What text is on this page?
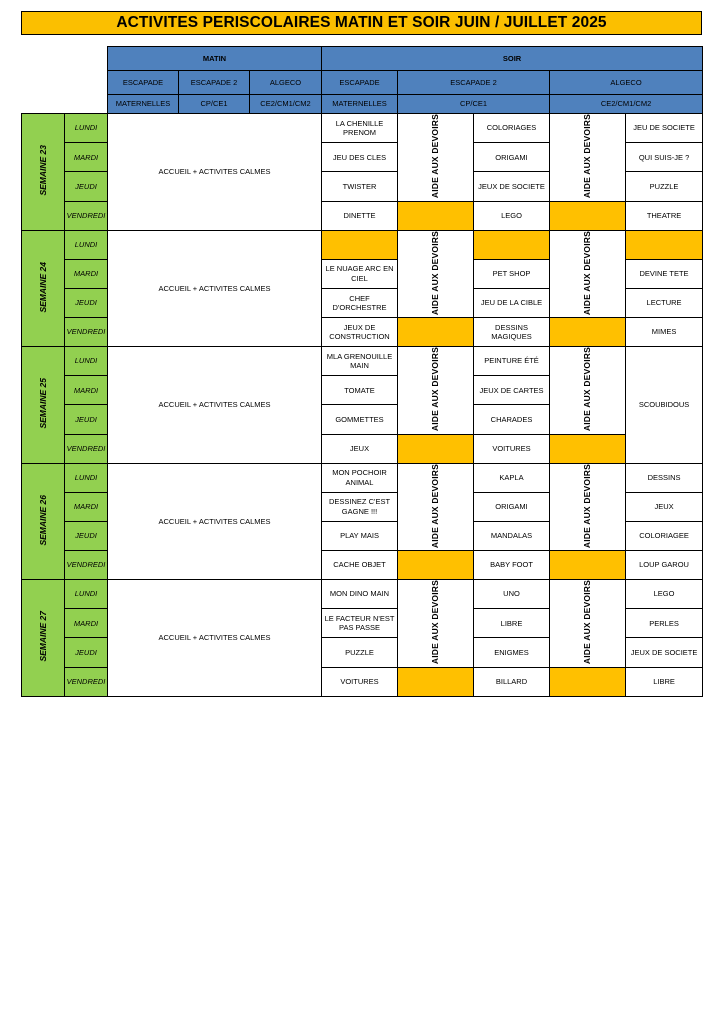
ACTIVITES PERISCOLAIRES MATIN ET SOIR JUIN / JUILLET 2025
		MATIN			SOIR				
		ESCAPADE	ESCAPADE 2	ALGECO	ESCAPADE	ESCAPADE 2		ALGECO	
		MATERNELLES	CP/CE1	CE2/CM1/CM2	MATERNELLES	CP/CE1		CE2/CM1/CM2	
SEMAINE 23	LUNDI	ACCUEIL + ACTIVITES CALMES			LA CHENILLE PRENOM	AIDE AUX DEVOIRS	COLORIAGES	AIDE AUX DEVOIRS	JEU DE SOCIETE
	MARDI				JEU DES CLES		ORIGAMI		QUI SUIS-JE ?
	JEUDI				TWISTER		JEUX DE SOCIETE		PUZZLE
	VENDREDI				DINETTE		LEGO		THEATRE
SEMAINE 24	LUNDI	ACCUEIL + ACTIVITES CALMES				AIDE AUX DEVOIRS		AIDE AUX DEVOIRS	
	MARDI				LE NUAGE ARC EN CIEL		PET SHOP		DEVINE TETE
	JEUDI				CHEF D'ORCHESTRE		JEU DE LA CIBLE		LECTURE
	VENDREDI				JEUX DE CONSTRUCTION		DESSINS MAGIQUES		MIMES
SEMAINE 25	LUNDI	ACCUEIL + ACTIVITES CALMES			MLA GRENOUILLE MAIN	AIDE AUX DEVOIRS	PEINTURE ÉTÉ	AIDE AUX DEVOIRS	SCOUBIDOUS
	MARDI				TOMATE		JEUX DE CARTES		
	JEUDI				GOMMETTES		CHARADES		
	VENDREDI				JEUX		VOITURES		
SEMAINE 26	LUNDI	ACCUEIL + ACTIVITES CALMES			MON POCHOIR ANIMAL	AIDE AUX DEVOIRS	KAPLA	AIDE AUX DEVOIRS	DESSINS
	MARDI				DESSINEZ C'EST GAGNE !!!		ORIGAMI		JEUX
	JEUDI				PLAY MAIS		MANDALAS		COLORIAGEE
	VENDREDI				CACHE OBJET		BABY FOOT		LOUP GAROU
SEMAINE 27	LUNDI	ACCUEIL + ACTIVITES CALMES			MON DINO MAIN	AIDE AUX DEVOIRS	UNO	AIDE AUX DEVOIRS	LEGO
	MARDI				LE FACTEUR N'EST PAS PASSE		LIBRE		PERLES
	JEUDI				PUZZLE		ENIGMES		JEUX DE SOCIETE
	VENDREDI				VOITURES		BILLARD		LIBRE
